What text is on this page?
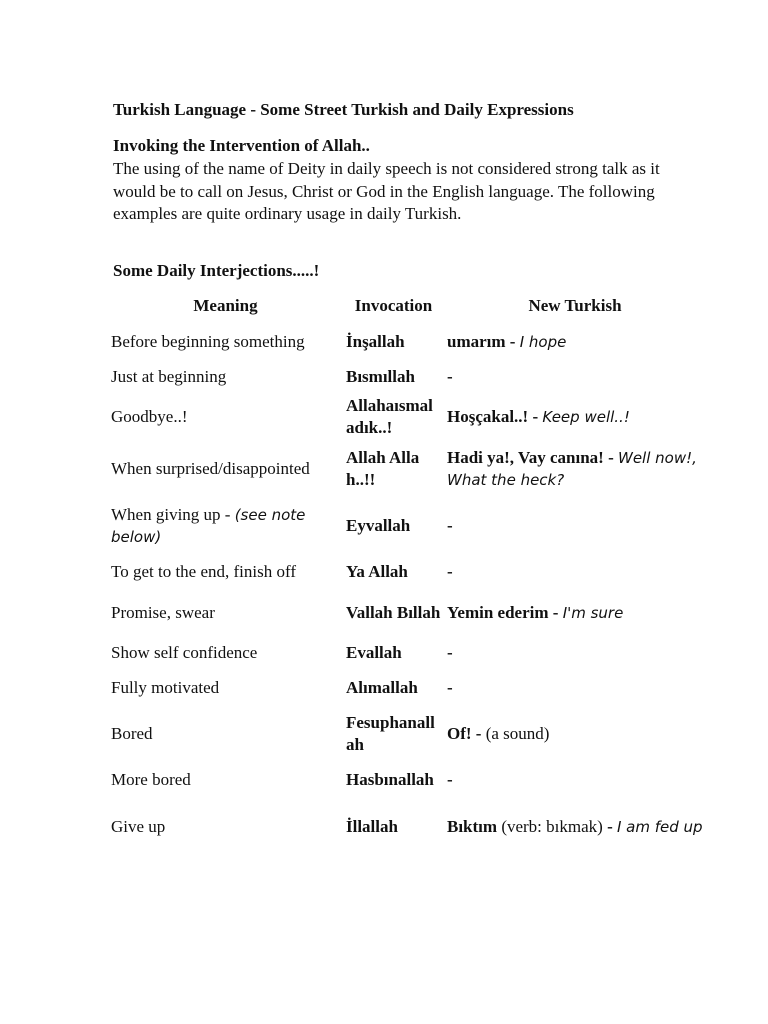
Turkish Language - Some Street Turkish and Daily Expressions
Invoking the Intervention of Allah..

The using of the name of Deity in daily speech is not considered strong talk as it would be to call on Jesus, Christ or God in the English language. The following examples are quite ordinary usage in daily Turkish.

Some Daily Interjections.....!
Meaning	Invocation	New Turkish
Before beginning something	İnşallah	umarım - I hope
Just at beginning	Bısmıllah	-
Goodbye..!	Allahaısmaladık..!	Hoşçakal..! - Keep well..!
When surprised/disappointed	Allah Allah..!!	Hadi ya!, Vay canına! - Well now!, What the heck?
When giving up - (see note below)	Eyvallah	-
To get to the end, finish off	Ya Allah	-
Promise, swear	Vallah Bıllah	Yemin ederim - I'm sure
Show self confidence	Evallah	-
Fully motivated	Alımallah	-
Bored	Fesuphanallah	Of! - (a sound)
More bored	Hasbınallah	-
Give up	İllallah	Bıktım (verb: bıkmak) - I am fed up
